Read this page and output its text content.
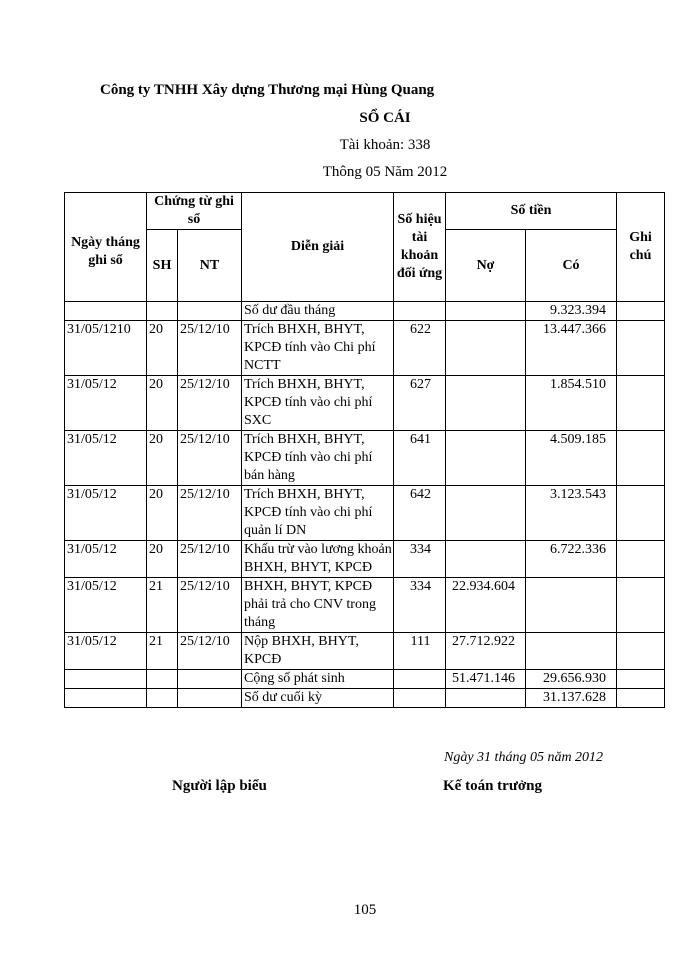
Công ty TNHH Xây dựng Thương mại Hùng Quang
SỔ CÁI
Tài khoản: 338
Thông 05 Năm 2012
Ngày tháng ghi sổ	Chứng từ ghi sổ		Diễn giải	Số hiệu tài khoản đối ứng	Số tiền		Ghi chú
	SH	NT			Nợ	Có	
			Số dư đầu tháng			9.323.394	
31/05/1210	20	25/12/10	Trích BHXH, BHYT, KPCĐ tính vào Chi phí NCTT	622		13.447.366	
31/05/12	20	25/12/10	Trích BHXH, BHYT, KPCĐ tính vào chi phí SXC	627		1.854.510	
31/05/12	20	25/12/10	Trích BHXH, BHYT, KPCĐ tính vào chi phí bán hàng	641		4.509.185	
31/05/12	20	25/12/10	Trích BHXH, BHYT, KPCĐ tính vào chi phí quản lí DN	642		3.123.543	
31/05/12	20	25/12/10	Khấu trừ vào lương khoản BHXH, BHYT, KPCĐ	334		6.722.336	
31/05/12	21	25/12/10	BHXH, BHYT, KPCĐ phải trả cho CNV trong tháng	334	22.934.604		
31/05/12	21	25/12/10	Nộp BHXH, BHYT, KPCĐ	111	27.712.922		
			Cộng số phát sinh		51.471.146	29.656.930	
			Số dư cuối kỳ			31.137.628	
Ngày 31 tháng 05 năm 2012
Người lập biểu	Kế toán trưởng
105
